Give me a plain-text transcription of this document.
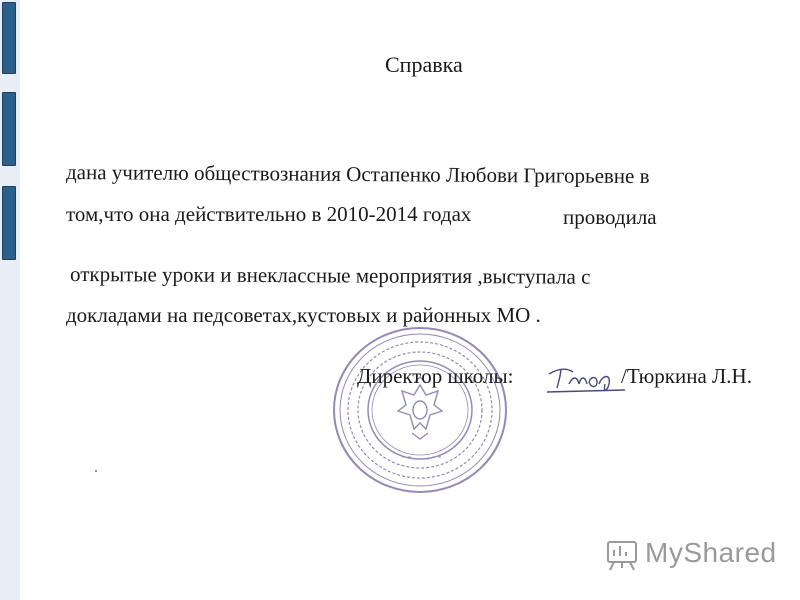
Справка
дана учителю обществознания Остапенко Любови Григорьевне в
том,что она действительно в 2010-2014 годах	проводила
открытые уроки и внеклассные мероприятия ,выступала с
докладами на педсоветах,кустовых и районных МО .
Директор школы:	/Тюркина Л.Н.
MyShared
